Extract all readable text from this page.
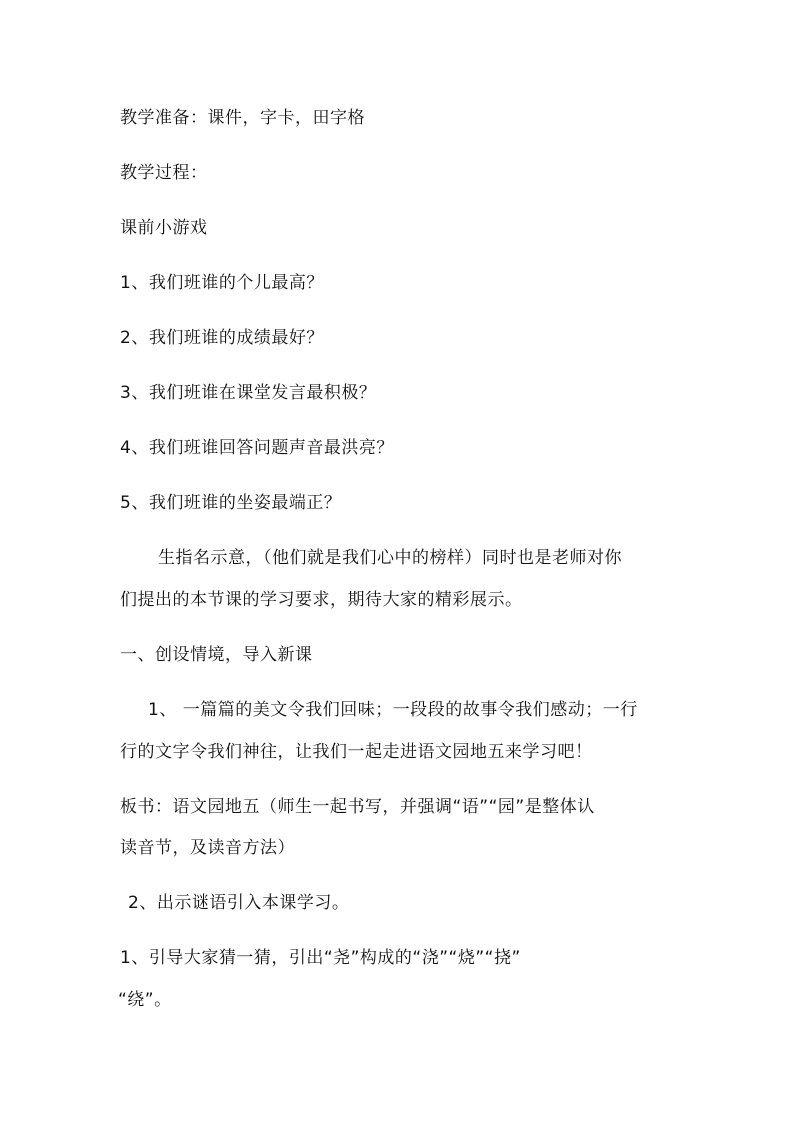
教学准备：课件，字卡，田字格
教学过程：
课前小游戏
1、我们班谁的个儿最高？
2、我们班谁的成绩最好？
3、我们班谁在课堂发言最积极？
4、我们班谁回答问题声音最洪亮？
5、我们班谁的坐姿最端正？
生指名示意，（他们就是我们心中的榜样）同时也是老师对你
们提出的本节课的学习要求，期待大家的精彩展示。
一、创设情境，导入新课
1、 一篇篇的美文令我们回味；一段段的故事令我们感动；一行
行的文字令我们神往，让我们一起走进语文园地五来学习吧！
板书：语文园地五（师生一起书写，并强调“语”“园”是整体认
读音节，及读音方法）
2、出示谜语引入本课学习。
1、引导大家猜一猜，引出“尧”构成的“浇”“烧”“挠”
“绕”。
